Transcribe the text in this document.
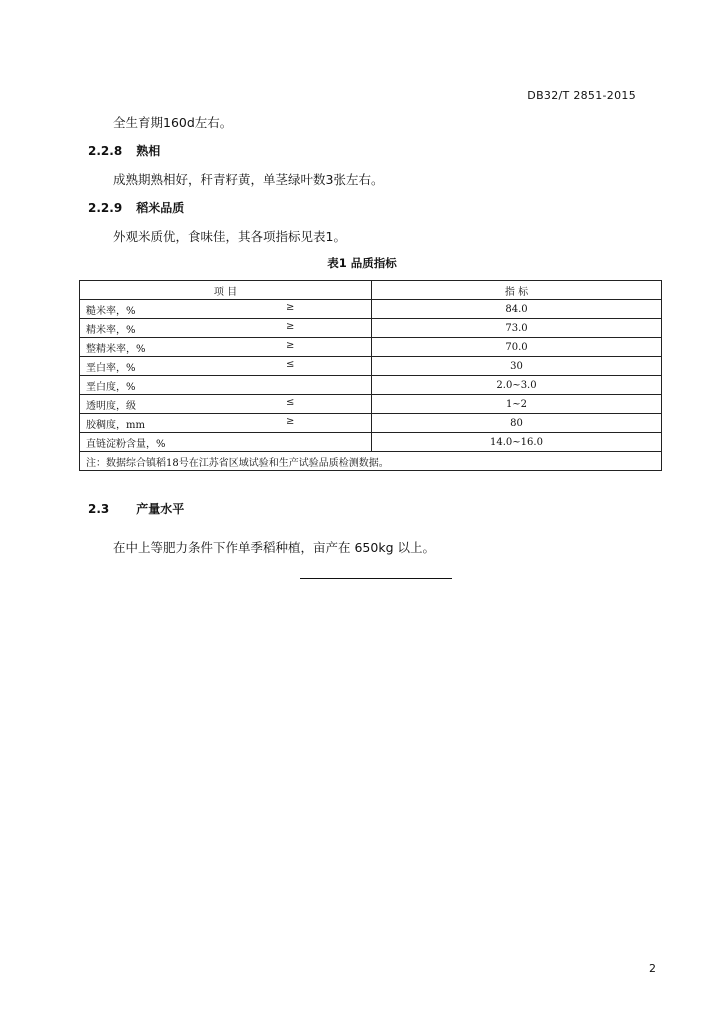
DB32/T 2851-2015
全生育期160d左右。
2.2.8 熟相
成熟期熟相好，秆青籽黄，单茎绿叶数3张左右。
2.2.9 稻米品质
外观米质优，食味佳，其各项指标见表1。
表1 品质指标
项 目	指 标

糙米率，% ≥	84.0

精米率，% ≥	73.0

整精米率，% ≥	70.0

垩白率，% ≤	30

垩白度，%	2.0~3.0

透明度，级 ≤	1~2

胶稠度，mm ≥	80

直链淀粉含量，%	14.0~16.0
注：数据综合镇稻18号在江苏省区域试验和生产试验品质检测数据。	
2.3 产量水平
在中上等肥力条件下作单季稻种植，亩产在 650kg 以上。
2
